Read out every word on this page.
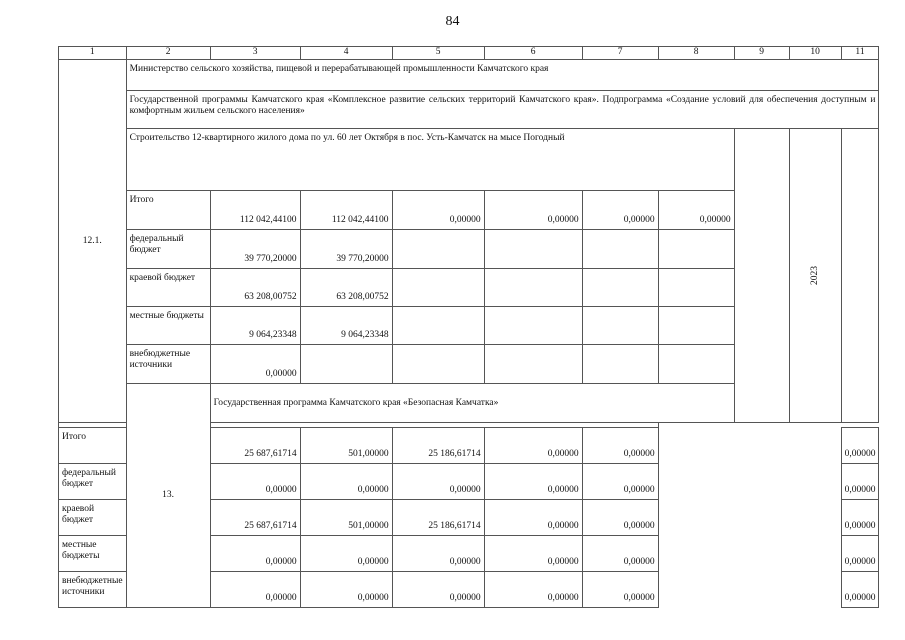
84
1	2	3	4	5	6	7	8	9	10	11
12.1.	Министерство сельского хозяйства, пищевой и перерабатывающей промышленности Камчатского края									
	Государственной программы Камчатского края «Комплексное развитие сельских территорий Камчатского края». Подпрограмма «Создание условий для обеспечения доступным и комфортным жильем сельского населения»									
	Строительство 12-квартирного жилого дома по ул. 60 лет Октября в пос. Усть-Камчатск на мысе Погодный								2023	
	Итого	112 042,44100	112 042,44100	0,00000	0,00000	0,00000	0,00000			
	федеральный бюджет	39 770,20000	39 770,20000							
	краевой бюджет	63 208,00752	63 208,00752							
	местные бюджеты	9 064,23348	9 064,23348							
	внебюджетные источники	0,00000								
	13.	Государственная программа Камчатского края «Безопасная Камчатка»								

Итого		25 687,61714	501,00000	25 186,61714	0,00000	0,00000				0,00000
федеральный бюджет		0,00000	0,00000	0,00000	0,00000	0,00000				0,00000
краевой бюджет		25 687,61714	501,00000	25 186,61714	0,00000	0,00000				0,00000
местные бюджеты		0,00000	0,00000	0,00000	0,00000	0,00000				0,00000
внебюджетные источники		0,00000	0,00000	0,00000	0,00000	0,00000				0,00000
